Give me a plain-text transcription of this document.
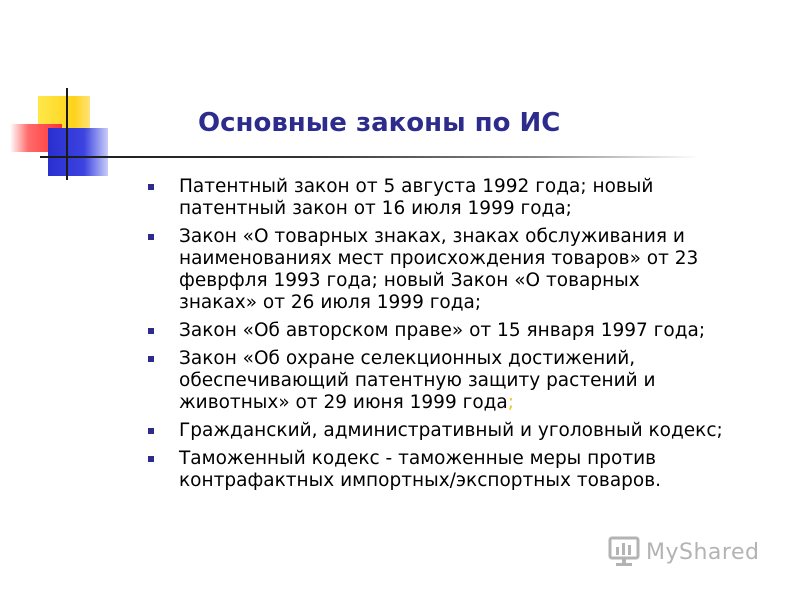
Основные законы по ИС
Патентный закон от 5 августа 1992 года; новый
патентный закон от 16 июля 1999 года;
Закон «О товарных знаках, знаках обслуживания и
наименованиях мест происхождения товаров» от 23
феврфля 1993 года; новый Закон «О товарных
знаках» от 26 июля 1999 года;
Закон «Об авторском праве» от 15 января 1997 года;
Закон «Об охране селекционных достижений,
обеспечивающий патентную защиту растений и
животных» от 29 июня 1999 года;
Гражданский, административный и уголовный кодекс;
Таможенный кодекс - таможенные меры против
контрафактных импортных/экспортных товаров.
MyShared
